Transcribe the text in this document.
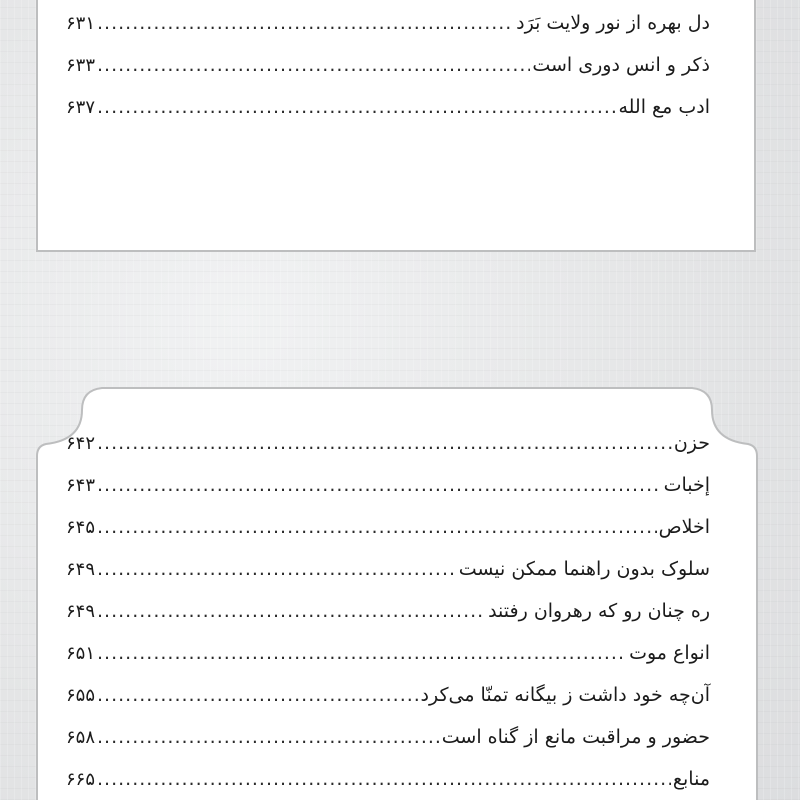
دل بهره از نور ولایت بَرَد
.....
۶۳۱
ذکر و انس دوری است
.....
۶۳۳
ادب مع الله
.....
۶۳۷
حزن
.....
۶۴۲
إخبات
.....
۶۴۳
اخلاص
.....
۶۴۵
سلوک بدون راهنما ممکن نیست
.....
۶۴۹
ره چنان رو که رهروان رفتند
.....
۶۴۹
انواع موت
.....
۶۵۱
آن‌چه خود داشت ز بیگانه تمنّا می‌کرد
.....
۶۵۵
حضور و مراقبت مانع از گناه است
.....
۶۵۸
منابع
.....
۶۶۵
